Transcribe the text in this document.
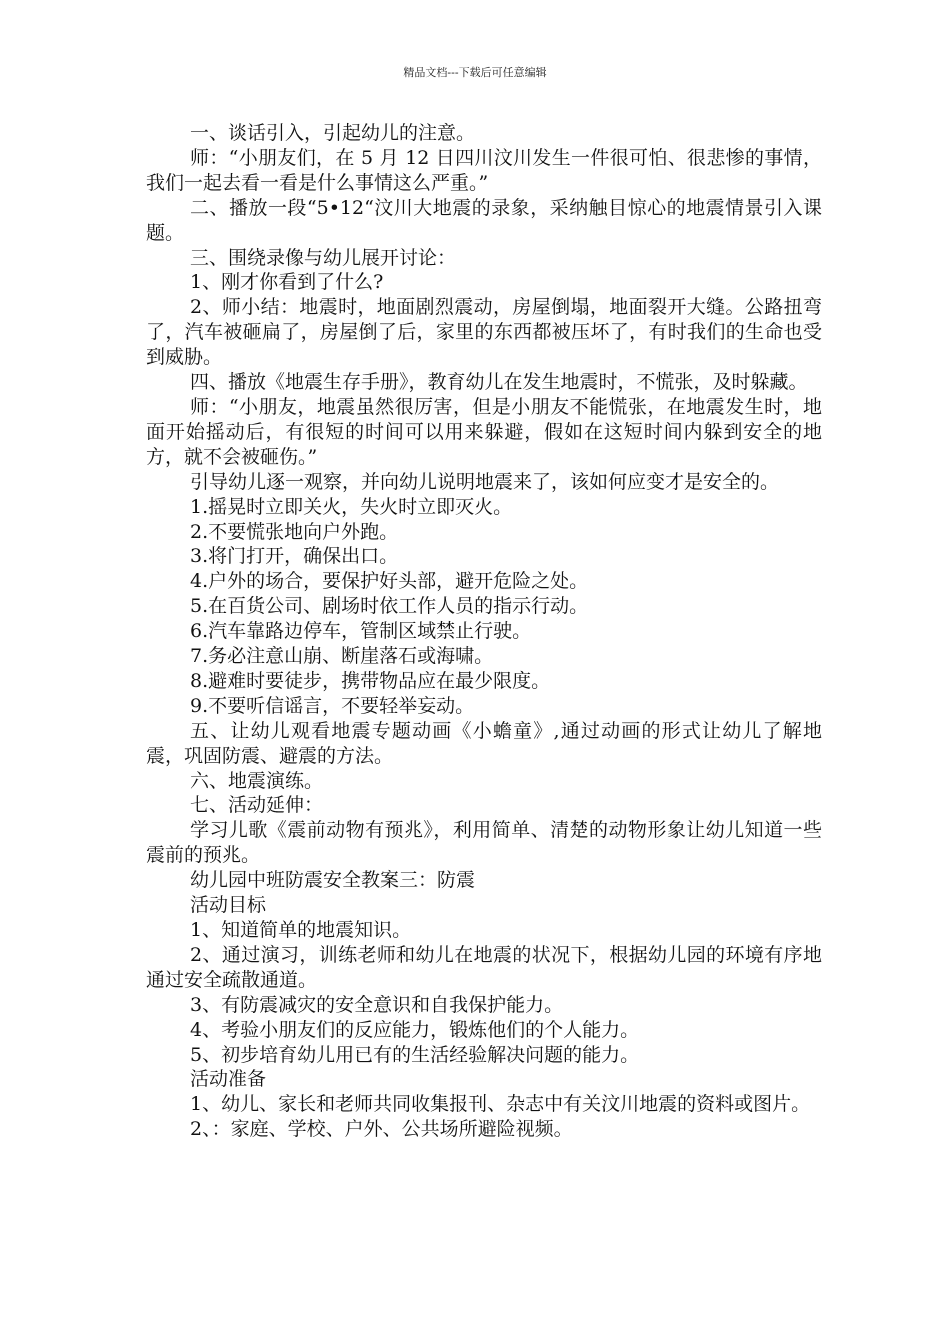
精品文档---下载后可任意编辑

一、谈话引入，引起幼儿的注意。

师：“小朋友们，在 5 月 12 日四川汶川发生一件很可怕、很悲惨的事情，我们一起去看一看是什么事情这么严重。”

二、播放一段“5•12“汶川大地震的录象，采纳触目惊心的地震情景引入课题。

三、围绕录像与幼儿展开讨论：

1、刚才你看到了什么?

2、师小结：地震时，地面剧烈震动，房屋倒塌，地面裂开大缝。公路扭弯了，汽车被砸扁了，房屋倒了后，家里的东西都被压坏了，有时我们的生命也受到威胁。

四、播放《地震生存手册》，教育幼儿在发生地震时，不慌张，及时躲藏。

师：“小朋友，地震虽然很厉害，但是小朋友不能慌张，在地震发生时，地面开始摇动后，有很短的时间可以用来躲避，假如在这短时间内躲到安全的地方，就不会被砸伤。”

引导幼儿逐一观察，并向幼儿说明地震来了，该如何应变才是安全的。

1.摇晃时立即关火，失火时立即灭火。

2.不要慌张地向户外跑。

3.将门打开，确保出口。

4.户外的场合，要保护好头部，避开危险之处。

5.在百货公司、剧场时依工作人员的指示行动。

6.汽车靠路边停车，管制区域禁止行驶。

7.务必注意山崩、断崖落石或海啸。

8.避难时要徒步，携带物品应在最少限度。

9.不要听信谣言，不要轻举妄动。

五、让幼儿观看地震专题动画《小蟾童》,通过动画的形式让幼儿了解地震，巩固防震、避震的方法。

六、地震演练。

七、活动延伸：

学习儿歌《震前动物有预兆》，利用简单、清楚的动物形象让幼儿知道一些震前的预兆。

幼儿园中班防震安全教案三：防震

活动目标

1、知道简单的地震知识。

2、通过演习，训练老师和幼儿在地震的状况下，根据幼儿园的环境有序地通过安全疏散通道。

3、有防震减灾的安全意识和自我保护能力。

4、考验小朋友们的反应能力，锻炼他们的个人能力。

5、初步培育幼儿用已有的生活经验解决问题的能力。

活动准备

1、幼儿、家长和老师共同收集报刊、杂志中有关汶川地震的资料或图片。

2、：家庭、学校、户外、公共场所避险视频。
